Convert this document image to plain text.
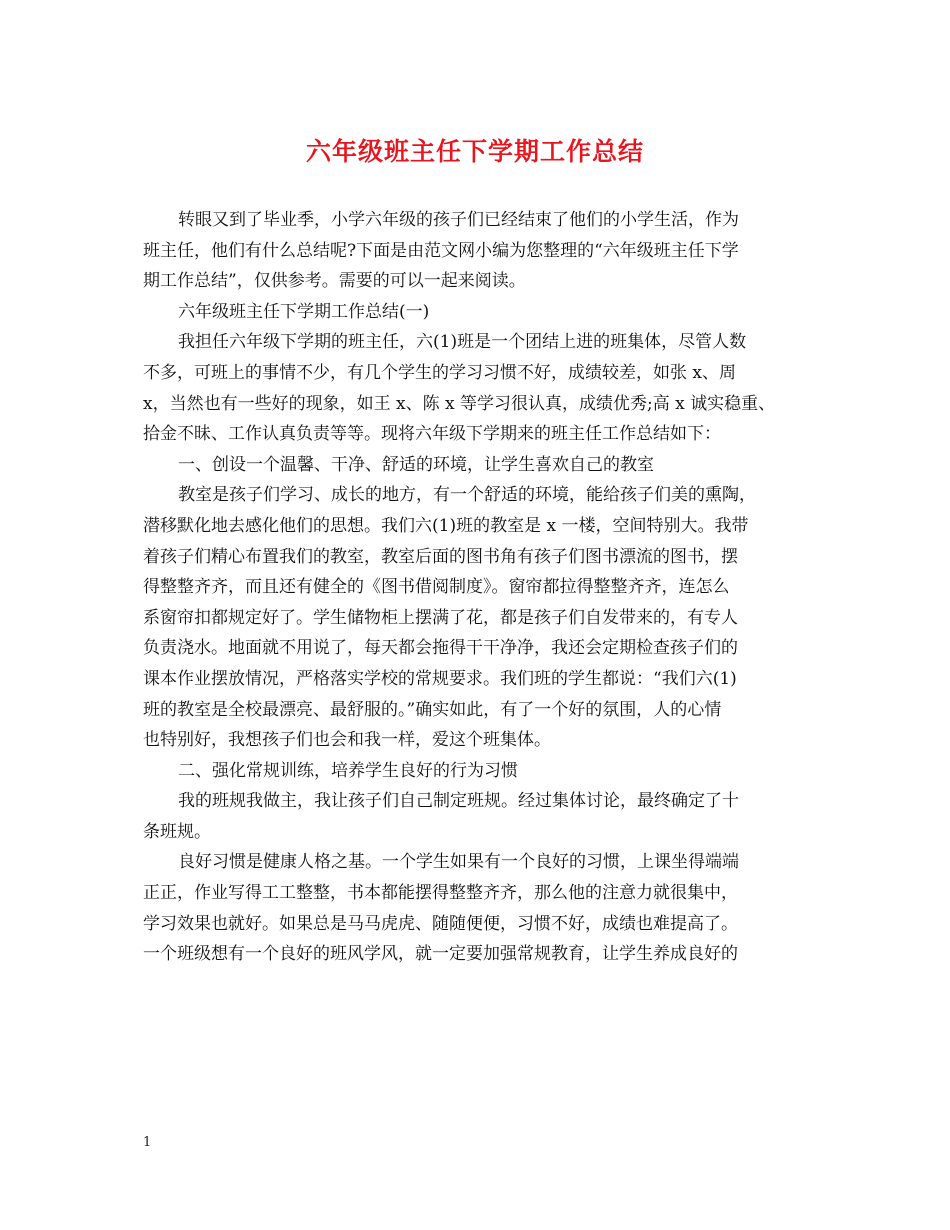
六年级班主任下学期工作总结
转眼又到了毕业季，小学六年级的孩子们已经结束了他们的小学生活，作为
班主任，他们有什么总结呢?下面是由范文网小编为您整理的“六年级班主任下学
期工作总结”，仅供参考。需要的可以一起来阅读。
六年级班主任下学期工作总结(一)
我担任六年级下学期的班主任，六(1)班是一个团结上进的班集体，尽管人数
不多，可班上的事情不少，有几个学生的学习习惯不好，成绩较差，如张 x、周
x，当然也有一些好的现象，如王 x、陈 x 等学习很认真，成绩优秀;高 x 诚实稳重、
拾金不昧、工作认真负责等等。现将六年级下学期来的班主任工作总结如下：
一、创设一个温馨、干净、舒适的环境，让学生喜欢自己的教室
教室是孩子们学习、成长的地方，有一个舒适的环境，能给孩子们美的熏陶，
潜移默化地去感化他们的思想。我们六(1)班的教室是 x 一楼，空间特别大。我带
着孩子们精心布置我们的教室，教室后面的图书角有孩子们图书漂流的图书，摆
得整整齐齐，而且还有健全的《图书借阅制度》。窗帘都拉得整整齐齐，连怎么
系窗帘扣都规定好了。学生储物柜上摆满了花，都是孩子们自发带来的，有专人
负责浇水。地面就不用说了，每天都会拖得干干净净，我还会定期检查孩子们的
课本作业摆放情况，严格落实学校的常规要求。我们班的学生都说：“我们六(1)
班的教室是全校最漂亮、最舒服的。”确实如此，有了一个好的氛围，人的心情
也特别好，我想孩子们也会和我一样，爱这个班集体。
二、强化常规训练，培养学生良好的行为习惯
我的班规我做主，我让孩子们自己制定班规。经过集体讨论，最终确定了十
条班规。
良好习惯是健康人格之基。一个学生如果有一个良好的习惯，上课坐得端端
正正，作业写得工工整整，书本都能摆得整整齐齐，那么他的注意力就很集中，
学习效果也就好。如果总是马马虎虎、随随便便，习惯不好，成绩也难提高了。
一个班级想有一个良好的班风学风，就一定要加强常规教育，让学生养成良好的
1
